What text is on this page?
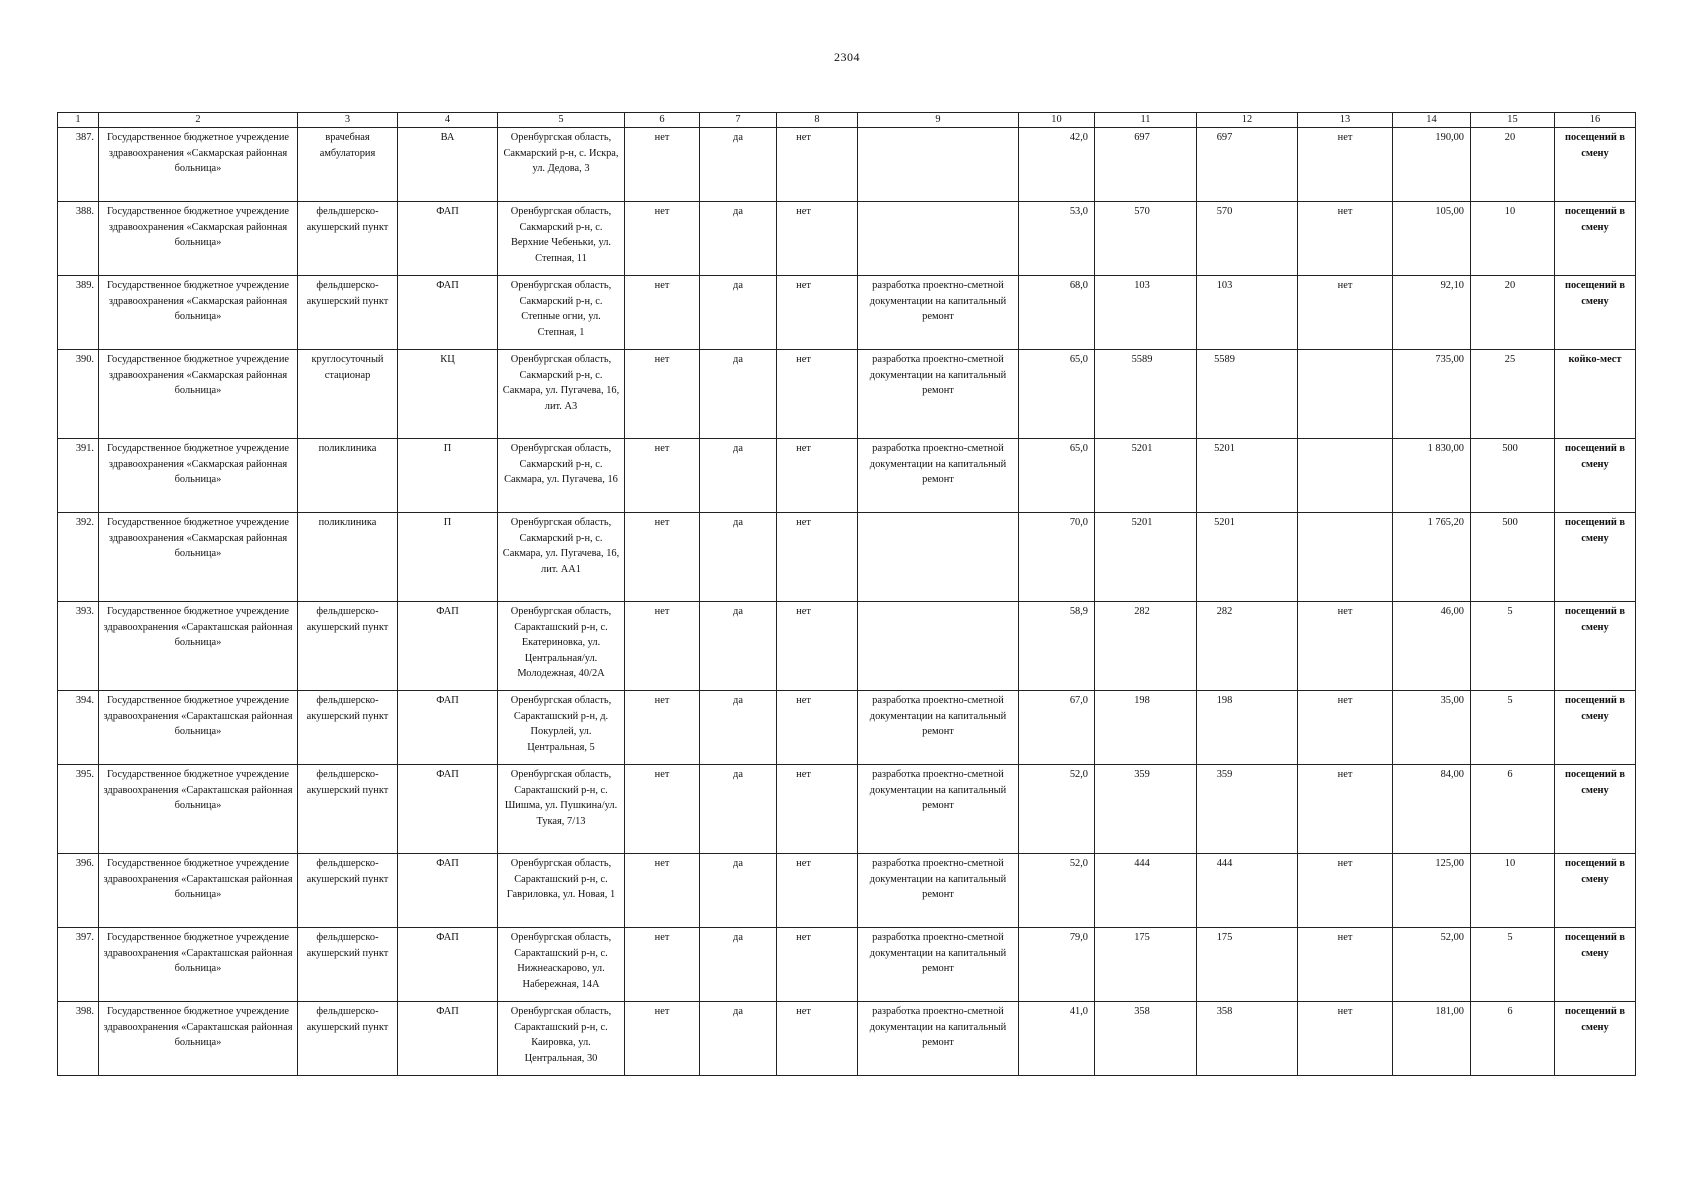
2304
1	2	3	4	5	6	7	8	9	10	11	12	13	14	15	16
387.	Государственное бюджетное учреждение здравоохранения «Сакмарская районная больница»	врачебная амбулатория	ВА	Оренбургская область, Сакмарский р-н, с. Искра, ул. Дедова, 3	нет	да	нет		42,0	697	697	нет	190,00	20	посещений в смену
388.	Государственное бюджетное учреждение здравоохранения «Сакмарская районная больница»	фельдшерско-акушерский пункт	ФАП	Оренбургская область, Сакмарский р-н, с. Верхние Чебеньки, ул. Степная, 11	нет	да	нет		53,0	570	570	нет	105,00	10	посещений в смену
389.	Государственное бюджетное учреждение здравоохранения «Сакмарская районная больница»	фельдшерско-акушерский пункт	ФАП	Оренбургская область, Сакмарский р-н, с. Степные огни, ул. Степная, 1	нет	да	нет	разработка проектно-сметной документации на капитальный ремонт	68,0	103	103	нет	92,10	20	посещений в смену
390.	Государственное бюджетное учреждение здравоохранения «Сакмарская районная больница»	круглосуточный стационар	КЦ	Оренбургская область, Сакмарский р-н, с. Сакмара, ул. Пугачева, 16, лит. А3	нет	да	нет	разработка проектно-сметной документации на капитальный ремонт	65,0	5589	5589		735,00	25	койко-мест
391.	Государственное бюджетное учреждение здравоохранения «Сакмарская районная больница»	поликлиника	П	Оренбургская область, Сакмарский р-н, с. Сакмара, ул. Пугачева, 16	нет	да	нет	разработка проектно-сметной документации на капитальный ремонт	65,0	5201	5201		1 830,00	500	посещений в смену
392.	Государственное бюджетное учреждение здравоохранения «Сакмарская районная больница»	поликлиника	П	Оренбургская область, Сакмарский р-н, с. Сакмара, ул. Пугачева, 16, лит. АА1	нет	да	нет		70,0	5201	5201		1 765,20	500	посещений в смену
393.	Государственное бюджетное учреждение здравоохранения «Саракташская районная больница»	фельдшерско-акушерский пункт	ФАП	Оренбургская область, Саракташский р-н, с. Екатериновка, ул. Центральная/ул. Молодежная, 40/2А	нет	да	нет		58,9	282	282	нет	46,00	5	посещений в смену
394.	Государственное бюджетное учреждение здравоохранения «Саракташская районная больница»	фельдшерско-акушерский пункт	ФАП	Оренбургская область, Саракташский р-н, д. Покурлей, ул. Центральная, 5	нет	да	нет	разработка проектно-сметной документации на капитальный ремонт	67,0	198	198	нет	35,00	5	посещений в смену
395.	Государственное бюджетное учреждение здравоохранения «Саракташская районная больница»	фельдшерско-акушерский пункт	ФАП	Оренбургская область, Саракташский р-н, с. Шишма, ул. Пушкина/ул. Тукая, 7/13	нет	да	нет	разработка проектно-сметной документации на капитальный ремонт	52,0	359	359	нет	84,00	6	посещений в смену
396.	Государственное бюджетное учреждение здравоохранения «Саракташская районная больница»	фельдшерско-акушерский пункт	ФАП	Оренбургская область, Саракташский р-н, с. Гавриловка, ул. Новая, 1	нет	да	нет	разработка проектно-сметной документации на капитальный ремонт	52,0	444	444	нет	125,00	10	посещений в смену
397.	Государственное бюджетное учреждение здравоохранения «Саракташская районная больница»	фельдшерско-акушерский пункт	ФАП	Оренбургская область, Саракташский р-н, с. Нижнеаскарово, ул. Набережная, 14А	нет	да	нет	разработка проектно-сметной документации на капитальный ремонт	79,0	175	175	нет	52,00	5	посещений в смену
398.	Государственное бюджетное учреждение здравоохранения «Саракташская районная больница»	фельдшерско-акушерский пункт	ФАП	Оренбургская область, Саракташский р-н, с. Каировка, ул. Центральная, 30	нет	да	нет	разработка проектно-сметной документации на капитальный ремонт	41,0	358	358	нет	181,00	6	посещений в смену
